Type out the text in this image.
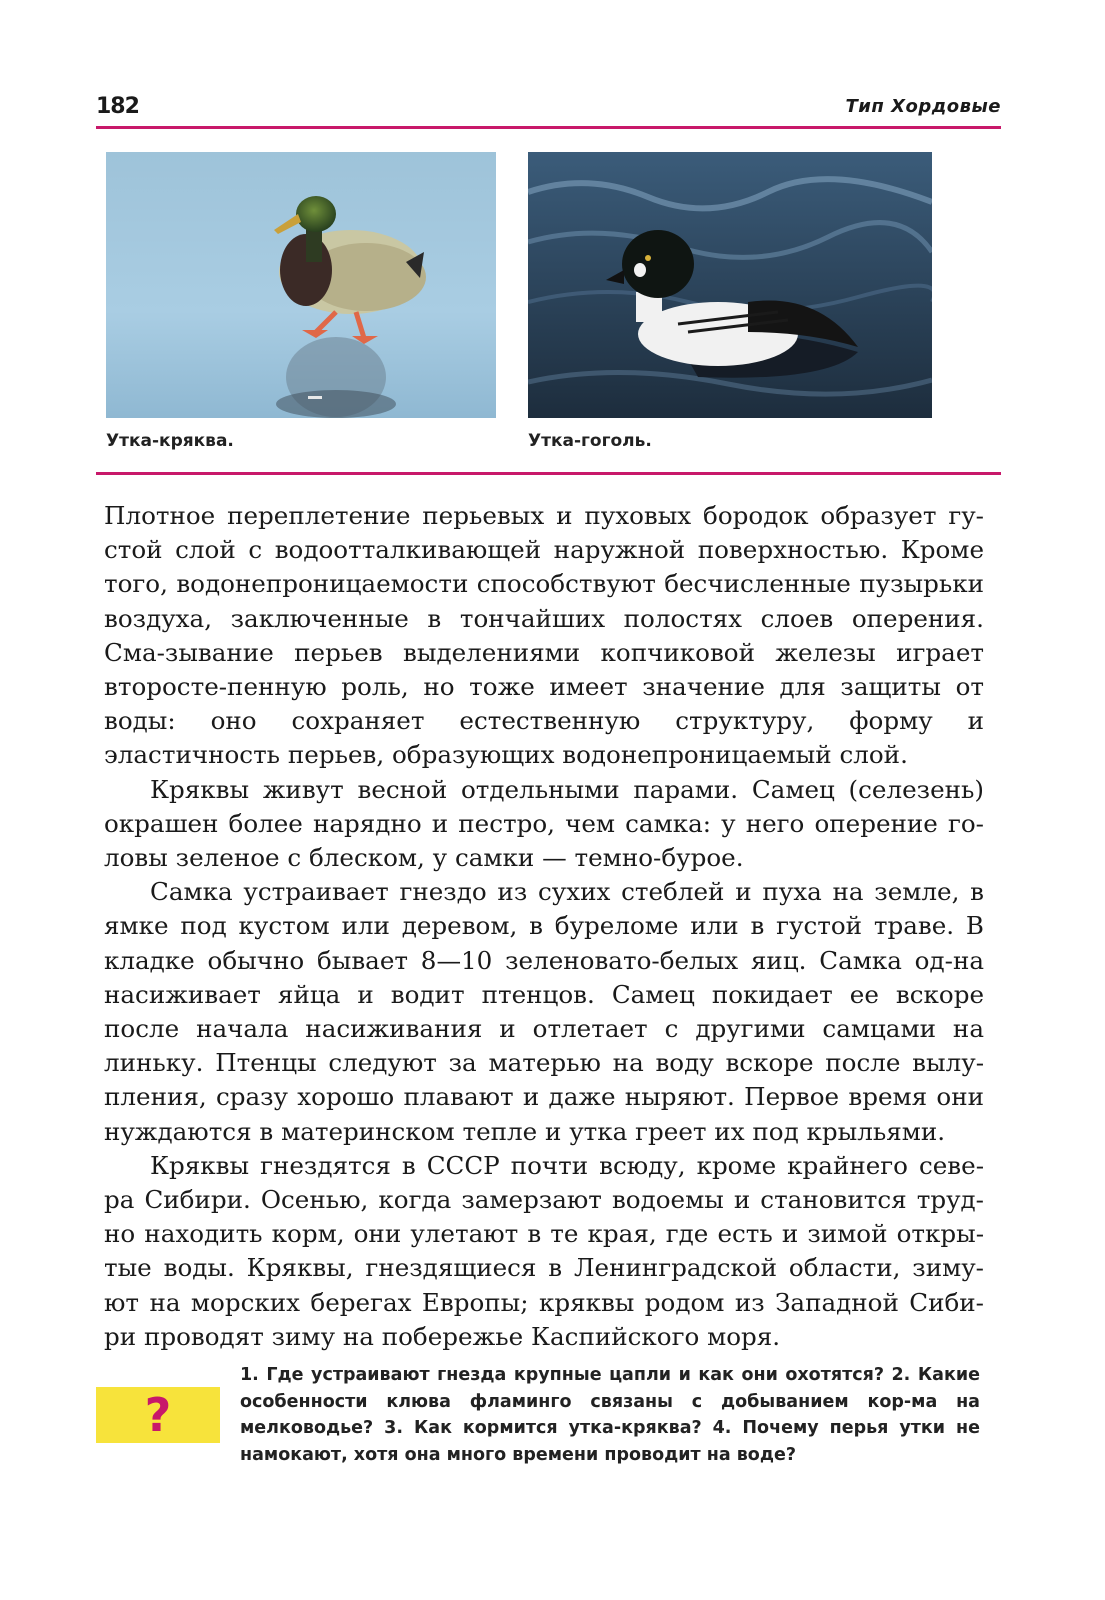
182	Тип Хордовые
Утка-кряква.	Утка-гоголь.

Плотное переплетение перьевых и пуховых бородок образует гу-стой слой с водоотталкивающей наружной поверхностью. Кроме того, водонепроницаемости способствуют бесчисленные пузырьки воздуха, заключенные в тончайших полостях слоев оперения. Сма-зывание перьев выделениями копчиковой железы играет второсте-пенную роль, но тоже имеет значение для защиты от воды: оно сохраняет естественную структуру, форму и эластичность перьев, образующих водонепроницаемый слой.

Кряквы живут весной отдельными парами. Самец (селезень) окрашен более нарядно и пестро, чем самка: у него оперение го-ловы зеленое с блеском, у самки — темно-бурое.

Самка устраивает гнездо из сухих стеблей и пуха на земле, в ямке под кустом или деревом, в буреломе или в густой траве. В кладке обычно бывает 8—10 зеленовато-белых яиц. Самка од-на насиживает яйца и водит птенцов. Самец покидает ее вскоре после начала насиживания и отлетает с другими самцами на линьку. Птенцы следуют за матерью на воду вскоре после вылу-пления, сразу хорошо плавают и даже ныряют. Первое время они нуждаются в материнском тепле и утка греет их под крыльями.

Кряквы гнездятся в СССР почти всюду, кроме крайнего севе-ра Сибири. Осенью, когда замерзают водоемы и становится труд-но находить корм, они улетают в те края, где есть и зимой откры-тые воды. Кряквы, гнездящиеся в Ленинградской области, зиму-ют на морских берегах Европы; кряквы родом из Западной Сиби-ри проводят зиму на побережье Каспийского моря.

?
1. Где устраивают гнезда крупные цапли и как они охотятся? 2. Какие особенности клюва фламинго связаны с добыванием кор-ма на мелководье? 3. Как кормится утка-кряква? 4. Почему перья утки не намокают, хотя она много времени проводит на воде?
